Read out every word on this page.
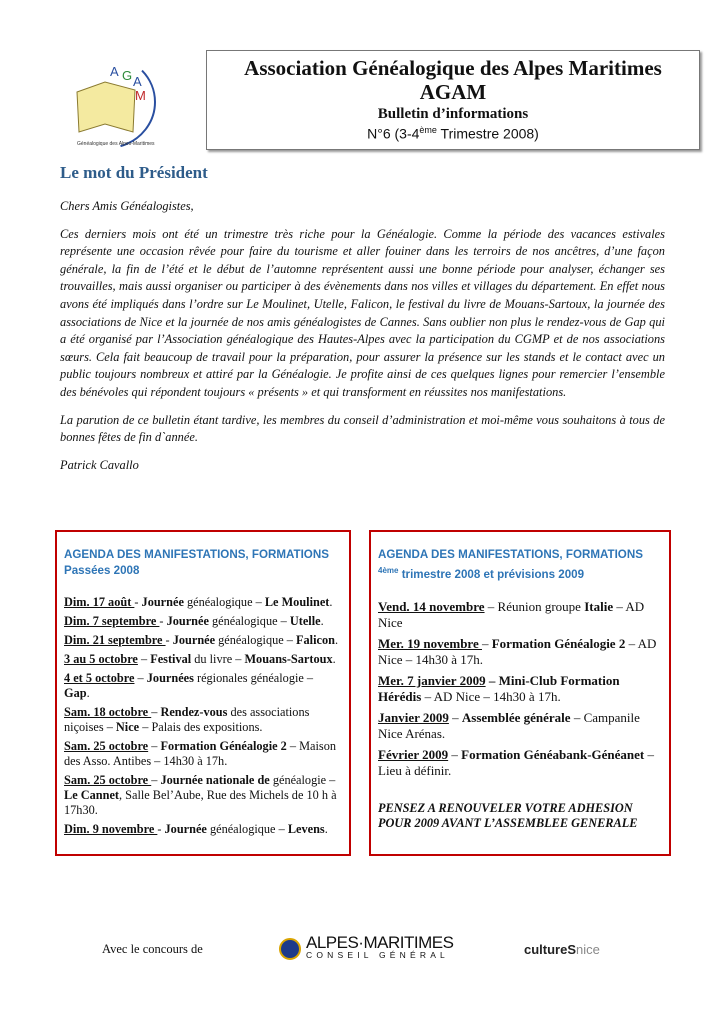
A G A
M
Généalogique des Alpes-Maritimes
Association Généalogique des Alpes Maritimes
AGAM
Bulletin d’informations
N°6 (3-4ème Trimestre 2008)
Le mot du Président

Chers Amis Généalogistes,

Ces derniers mois ont été un trimestre très riche pour la Généalogie. Comme la période des vacances estivales représente une occasion rêvée pour faire du tourisme et aller fouiner dans les terroirs de nos ancêtres, d’une façon générale, la fin de l’été et le début de l’automne représentent aussi une bonne période pour analyser, échanger ses trouvailles, mais aussi organiser ou participer à des évènements dans nos villes et villages du département. En effet nous avons été impliqués dans l’ordre sur Le Moulinet, Utelle, Falicon, le festival du livre de Mouans-Sartoux, la journée des associations de Nice et la journée de nos amis généalogistes de Cannes. Sans oublier non plus le rendez-vous de Gap qui a été organisé par l’Association généalogique des Hautes-Alpes avec la participation du CGMP et de nos associations sœurs. Cela fait beaucoup de travail pour la préparation, pour assurer la présence sur les stands et le contact avec un public toujours nombreux et attiré par la Généalogie. Je profite ainsi de ces quelques lignes pour remercier l’ensemble des bénévoles qui répondent toujours « présents » et qui transforment en réussites nos manifestations.

La parution de ce bulletin étant tardive, les membres du conseil d’administration et moi-même vous souhaitons à tous de bonnes fêtes de fin d`année.

Patrick Cavallo

AGENDA DES MANIFESTATIONS, FORMATIONS
Passées 2008
Dim. 17 août - Journée généalogique – Le Moulinet.
Dim. 7 septembre - Journée généalogique – Utelle.
Dim. 21 septembre - Journée généalogique – Falicon.
3 au 5 octobre – Festival du livre – Mouans-Sartoux.
4 et 5 octobre – Journées régionales généalogie – Gap.
Sam. 18 octobre – Rendez-vous des associations niçoises – Nice – Palais des expositions.
Sam. 25 octobre – Formation Généalogie 2 – Maison des Asso. Antibes – 14h30 à 17h.
Sam. 25 octobre – Journée nationale de généalogie – Le Cannet, Salle Bel’Aube, Rue des Michels de 10 h à 17h30.
Dim. 9 novembre - Journée généalogique – Levens.
AGENDA DES MANIFESTATIONS, FORMATIONS
$^{4ème}$ trimestre 2008 et prévisions 2009
Vend. 14 novembre – Réunion groupe Italie – AD Nice
Mer. 19 novembre – Formation Généalogie 2 – AD Nice – 14h30 à 17h.
Mer. 7 janvier 2009 – Mini-Club Formation Hérédis – AD Nice – 14h30 à 17h.
Janvier 2009 – Assemblée générale – Campanile Nice Arénas.
Février 2009 – Formation Généabank-Généanet – Lieu à définir.
PENSEZ A RENOUVELER VOTRE ADHESION POUR 2009 AVANT L’ASSEMBLEE GENERALE
Avec le concours de	ALPES·MARITIMES
CONSEIL GÉNÉRAL	cultureSnice
